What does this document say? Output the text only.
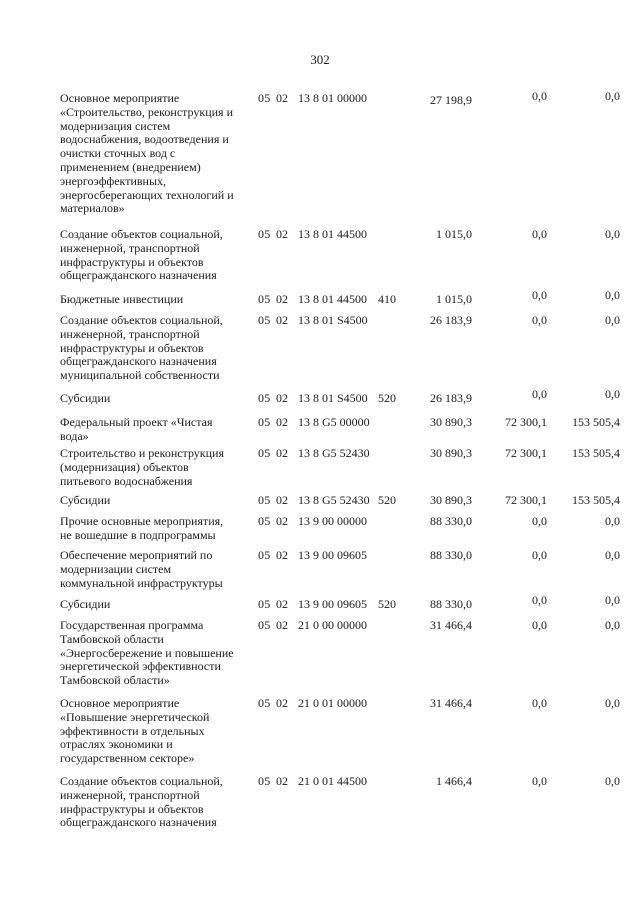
302
Основное мероприятие
«Строительство, реконструкция и
модернизация систем
водоснабжения, водоотведения и
очистки сточных вод с
применением (внедрением)
энергоэффективных,
энергосберегающих технологий и
материалов»
05 02 13 8 01 00000	27 198,9	0,0	0,0
Создание объектов социальной,
инженерной, транспортной
инфраструктуры и объектов
общегражданского назначения
05 02 13 8 01 44500	1 015,0	0,0	0,0
Бюджетные инвестиции	05 02 13 8 01 44500 410	1 015,0	0,0	0,0
Создание объектов социальной,
инженерной, транспортной
инфраструктуры и объектов
общегражданского назначения
муниципальной собственности
05 02 13 8 01 S4500	26 183,9	0,0	0,0
Субсидии	05 02 13 8 01 S4500 520	26 183,9	0,0	0,0
Федеральный проект «Чистая
вода»
05 02 13 8 G5 00000	30 890,3	72 300,1	153 505,4
Строительство и реконструкция
(модернизация) объектов
питьевого водоснабжения
05 02 13 8 G5 52430	30 890,3	72 300,1	153 505,4
Субсидии	05 02 13 8 G5 52430 520	30 890,3	72 300,1	153 505,4
Прочие основные мероприятия,
не вошедшие в подпрограммы
05 02 13 9 00 00000	88 330,0	0,0	0,0
Обеспечение мероприятий по
модернизации систем
коммунальной инфраструктуры
05 02 13 9 00 09605	88 330,0	0,0	0,0
Субсидии	05 02 13 9 00 09605 520	88 330,0	0,0	0,0
Государственная программа
Тамбовской области
«Энергосбережение и повышение
энергетической эффективности
Тамбовской области»
05 02 21 0 00 00000	31 466,4	0,0	0,0
Основное мероприятие
«Повышение энергетической
эффективности в отдельных
отраслях экономики и
государственном секторе»
05 02 21 0 01 00000	31 466,4	0,0	0,0
Создание объектов социальной,
инженерной, транспортной
инфраструктуры и объектов
общегражданского назначения
05 02 21 0 01 44500	1 466,4	0,0	0,0
